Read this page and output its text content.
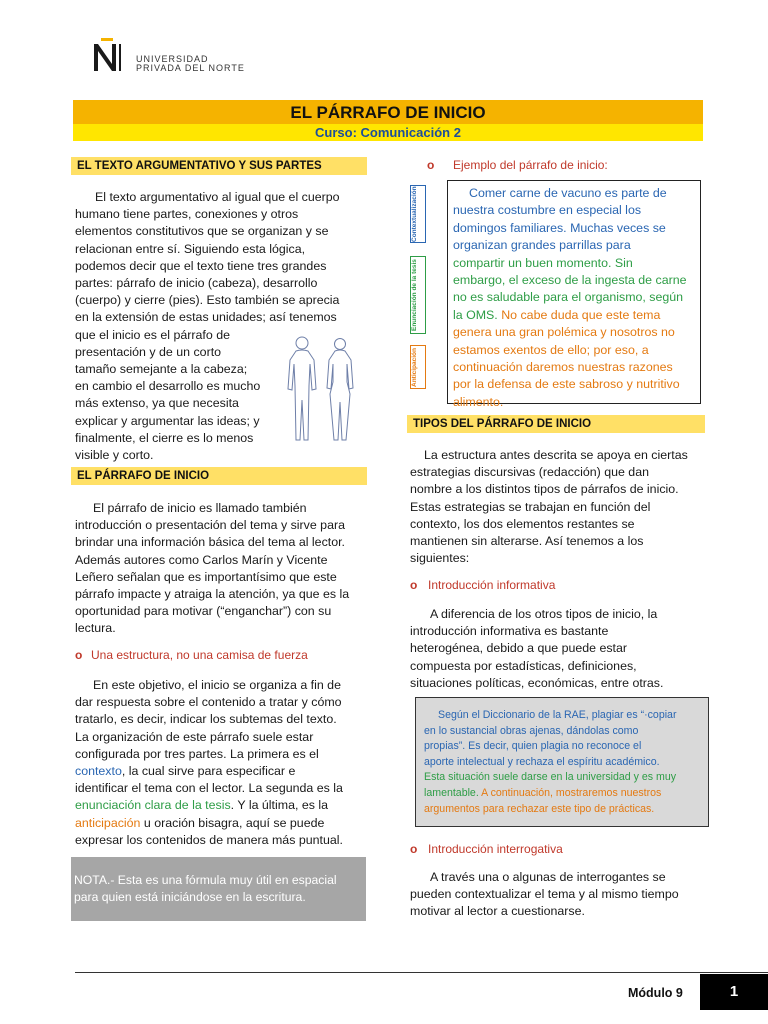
UNIVERSIDAD
PRIVADA DEL NORTE
EL PÁRRAFO DE INICIO
Curso: Comunicación 2
EL TEXTO ARGUMENTATIVO Y SUS PARTES
El texto argumentativo al igual que el cuerpo
humano tiene partes, conexiones y otros
elementos constitutivos que se organizan y se
relacionan entre sí. Siguiendo esta lógica,
podemos decir que el texto tiene tres grandes
partes: párrafo de inicio (cabeza), desarrollo
(cuerpo) y cierre (pies). Esto también se aprecia
en la extensión de estas unidades; así tenemos
que el inicio es el párrafo de
presentación y de un corto
tamaño semejante a la cabeza;
en cambio el desarrollo es mucho
más extenso, ya que necesita
explicar y argumentar las ideas; y
finalmente, el cierre es lo menos
visible y corto.
EL PÁRRAFO DE INICIO
El párrafo de inicio es llamado también
introducción o presentación del tema y sirve para
brindar una información básica del tema al lector.
Además autores como Carlos Marín y Vicente
Leñero señalan que es importantísimo que este
párrafo impacte y atraiga la atención, ya que es la
oportunidad para motivar (“enganchar”) con su
lectura.
o Una estructura, no una camisa de fuerza
En este objetivo, el inicio se organiza a fin de
dar respuesta sobre el contenido a tratar y cómo
tratarlo, es decir, indicar los subtemas del texto.
La organización de este párrafo suele estar
configurada por tres partes. La primera es el
contexto, la cual sirve para especificar e
identificar el tema con el lector. La segunda es la
enunciación clara de la tesis. Y la última, es la
anticipación u oración bisagra, aquí se puede
expresar los contenidos de manera más puntual.
NOTA.- Esta es una fórmula muy útil en espacial
para quien está iniciándose en la escritura.
o Ejemplo del párrafo de inicio:
Contextualización
Enunciación de la tesis
Anticipación
Comer carne de vacuno es parte de
nuestra costumbre en especial los
domingos familiares. Muchas veces se
organizan grandes parrillas para
compartir un buen momento. Sin
embargo, el exceso de la ingesta de carne
no es saludable para el organismo, según
la OMS. No cabe duda que este tema
genera una gran polémica y nosotros no
estamos exentos de ello; por eso, a
continuación daremos nuestras razones
por la defensa de este sabroso y nutritivo
alimento.
TIPOS DEL PÁRRAFO DE INICIO
La estructura antes descrita se apoya en ciertas
estrategias discursivas (redacción) que dan
nombre a los distintos tipos de párrafos de inicio.
Estas estrategias se trabajan en función del
contexto, los dos elementos restantes se
mantienen sin alterarse. Así tenemos a los
siguientes:
o Introducción informativa
A diferencia de los otros tipos de inicio, la
introducción informativa es bastante
heterogénea, debido a que puede estar
compuesta por estadísticas, definiciones,
situaciones políticas, económicas, entre otras.
Según el Diccionario de la RAE, plagiar es “·copiar
en lo sustancial obras ajenas, dándolas como
propias”. Es decir, quien plagia no reconoce el
aporte intelectual y rechaza el espíritu académico.
Esta situación suele darse en la universidad y es muy
lamentable. A continuación, mostraremos nuestros
argumentos para rechazar este tipo de prácticas.
o Introducción interrogativa
A través una o algunas de interrogantes se
pueden contextualizar el tema y al mismo tiempo
motivar al lector a cuestionarse.
Módulo 9	1
